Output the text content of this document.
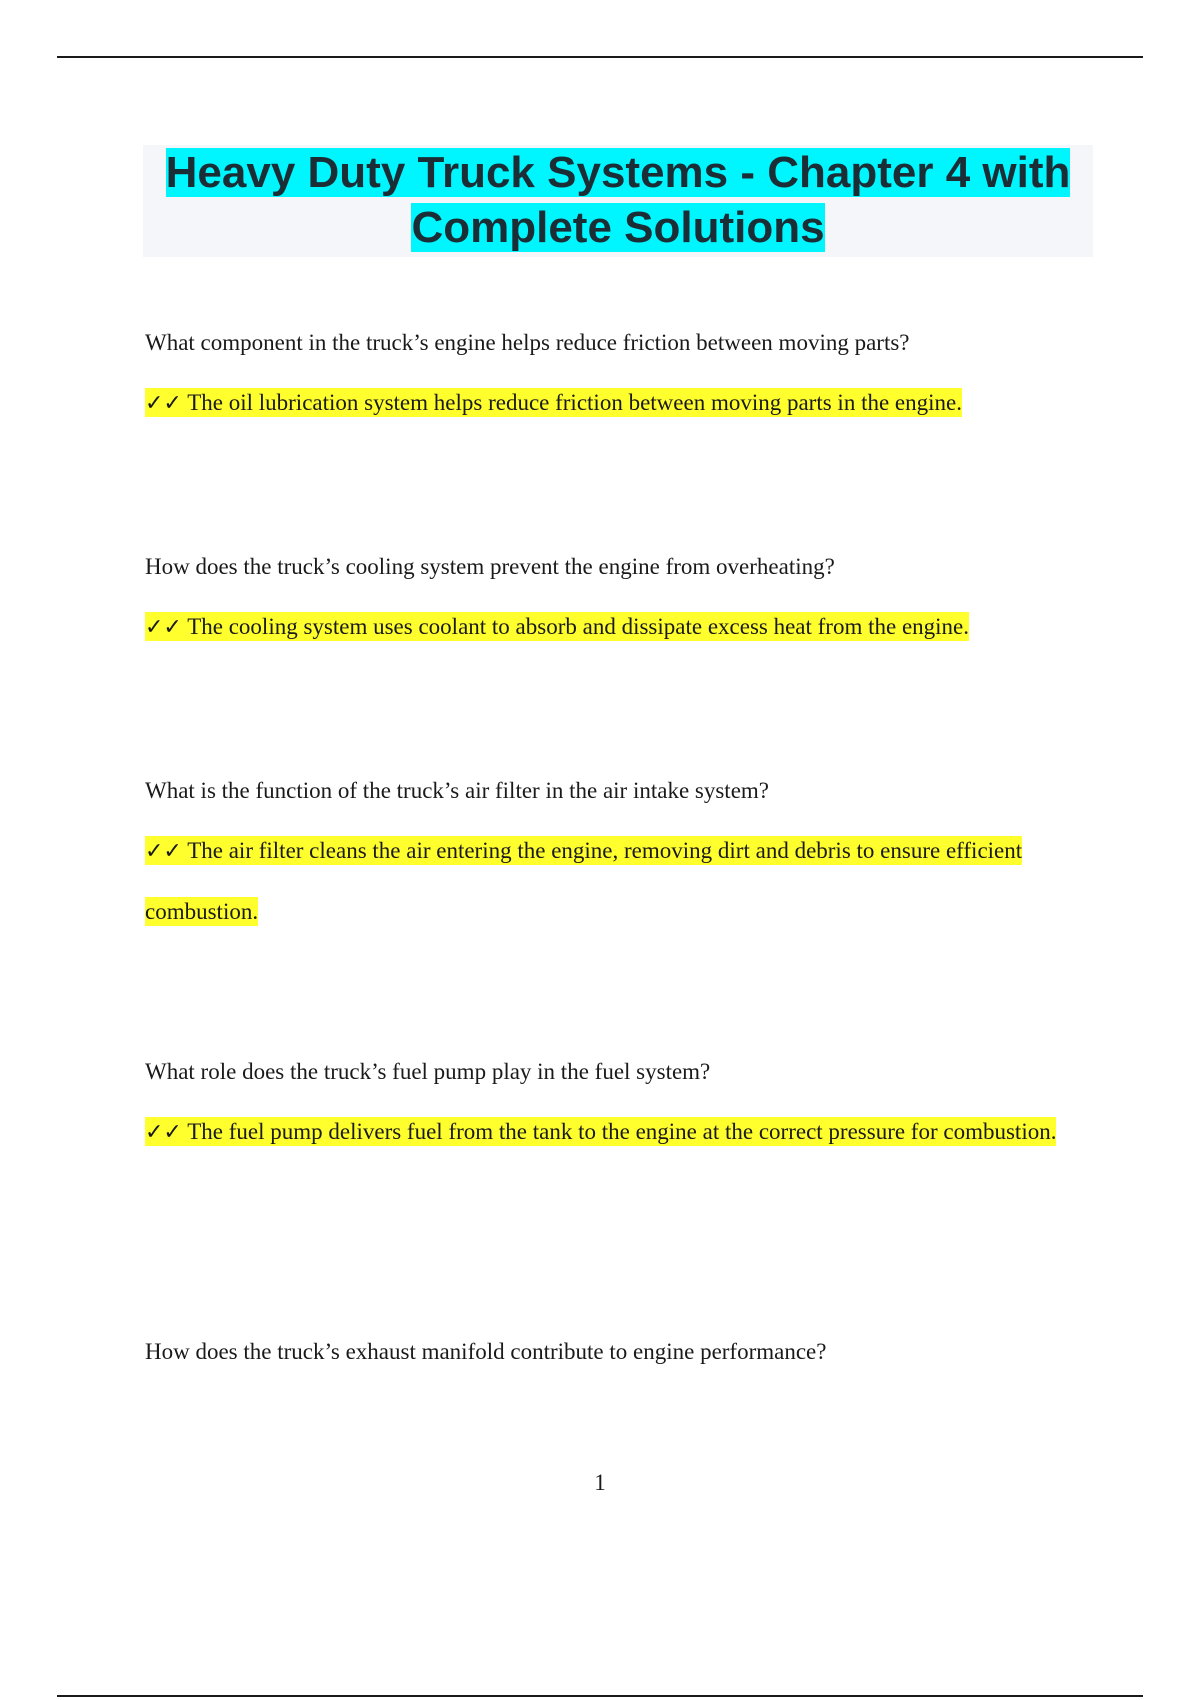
Heavy Duty Truck Systems - Chapter 4 with Complete Solutions
What component in the truck’s engine helps reduce friction between moving parts?
✓✓ The oil lubrication system helps reduce friction between moving parts in the engine.
How does the truck’s cooling system prevent the engine from overheating?
✓✓ The cooling system uses coolant to absorb and dissipate excess heat from the engine.
What is the function of the truck’s air filter in the air intake system?
✓✓ The air filter cleans the air entering the engine, removing dirt and debris to ensure efficient combustion.
What role does the truck’s fuel pump play in the fuel system?
✓✓ The fuel pump delivers fuel from the tank to the engine at the correct pressure for combustion.
How does the truck’s exhaust manifold contribute to engine performance?
1
